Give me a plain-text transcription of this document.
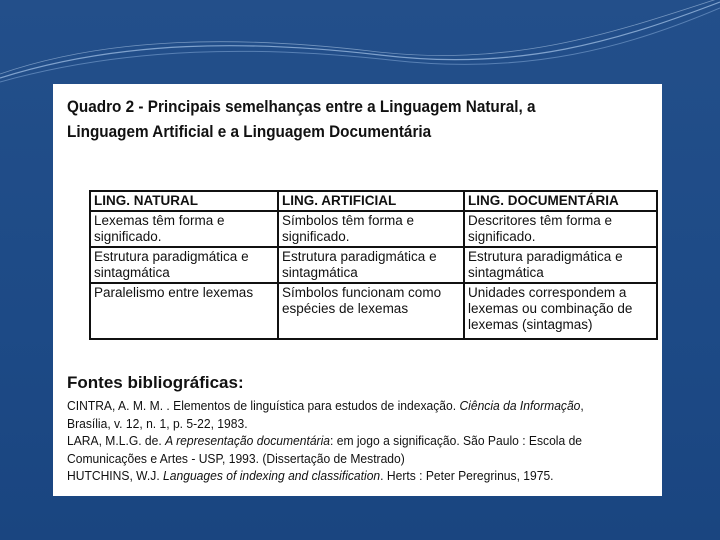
Quadro 2 - Principais semelhanças entre a Linguagem Natural, a
Linguagem Artificial e a Linguagem Documentária
LING. NATURAL	LING. ARTIFICIAL	LING. DOCUMENTÁRIA
Lexemas têm forma e significado.	Símbolos têm forma e significado.	Descritores têm forma e significado.
Estrutura paradigmática e sintagmática	Estrutura paradigmática e sintagmática	Estrutura paradigmática e sintagmática
Paralelismo entre lexemas	Símbolos funcionam como espécies de lexemas	Unidades correspondem a lexemas ou combinação de lexemas (sintagmas)
Fontes bibliográficas:

CINTRA, A. M. M. . Elementos de linguística para estudos de indexação. Ciência da Informação, Brasília, v. 12, n. 1, p. 5-22, 1983.

LARA, M.L.G. de. A representação documentária: em jogo a significação. São Paulo : Escola de Comunicações e Artes - USP, 1993. (Dissertação de Mestrado)

HUTCHINS, W.J. Languages of indexing and classification. Herts : Peter Peregrinus, 1975.
